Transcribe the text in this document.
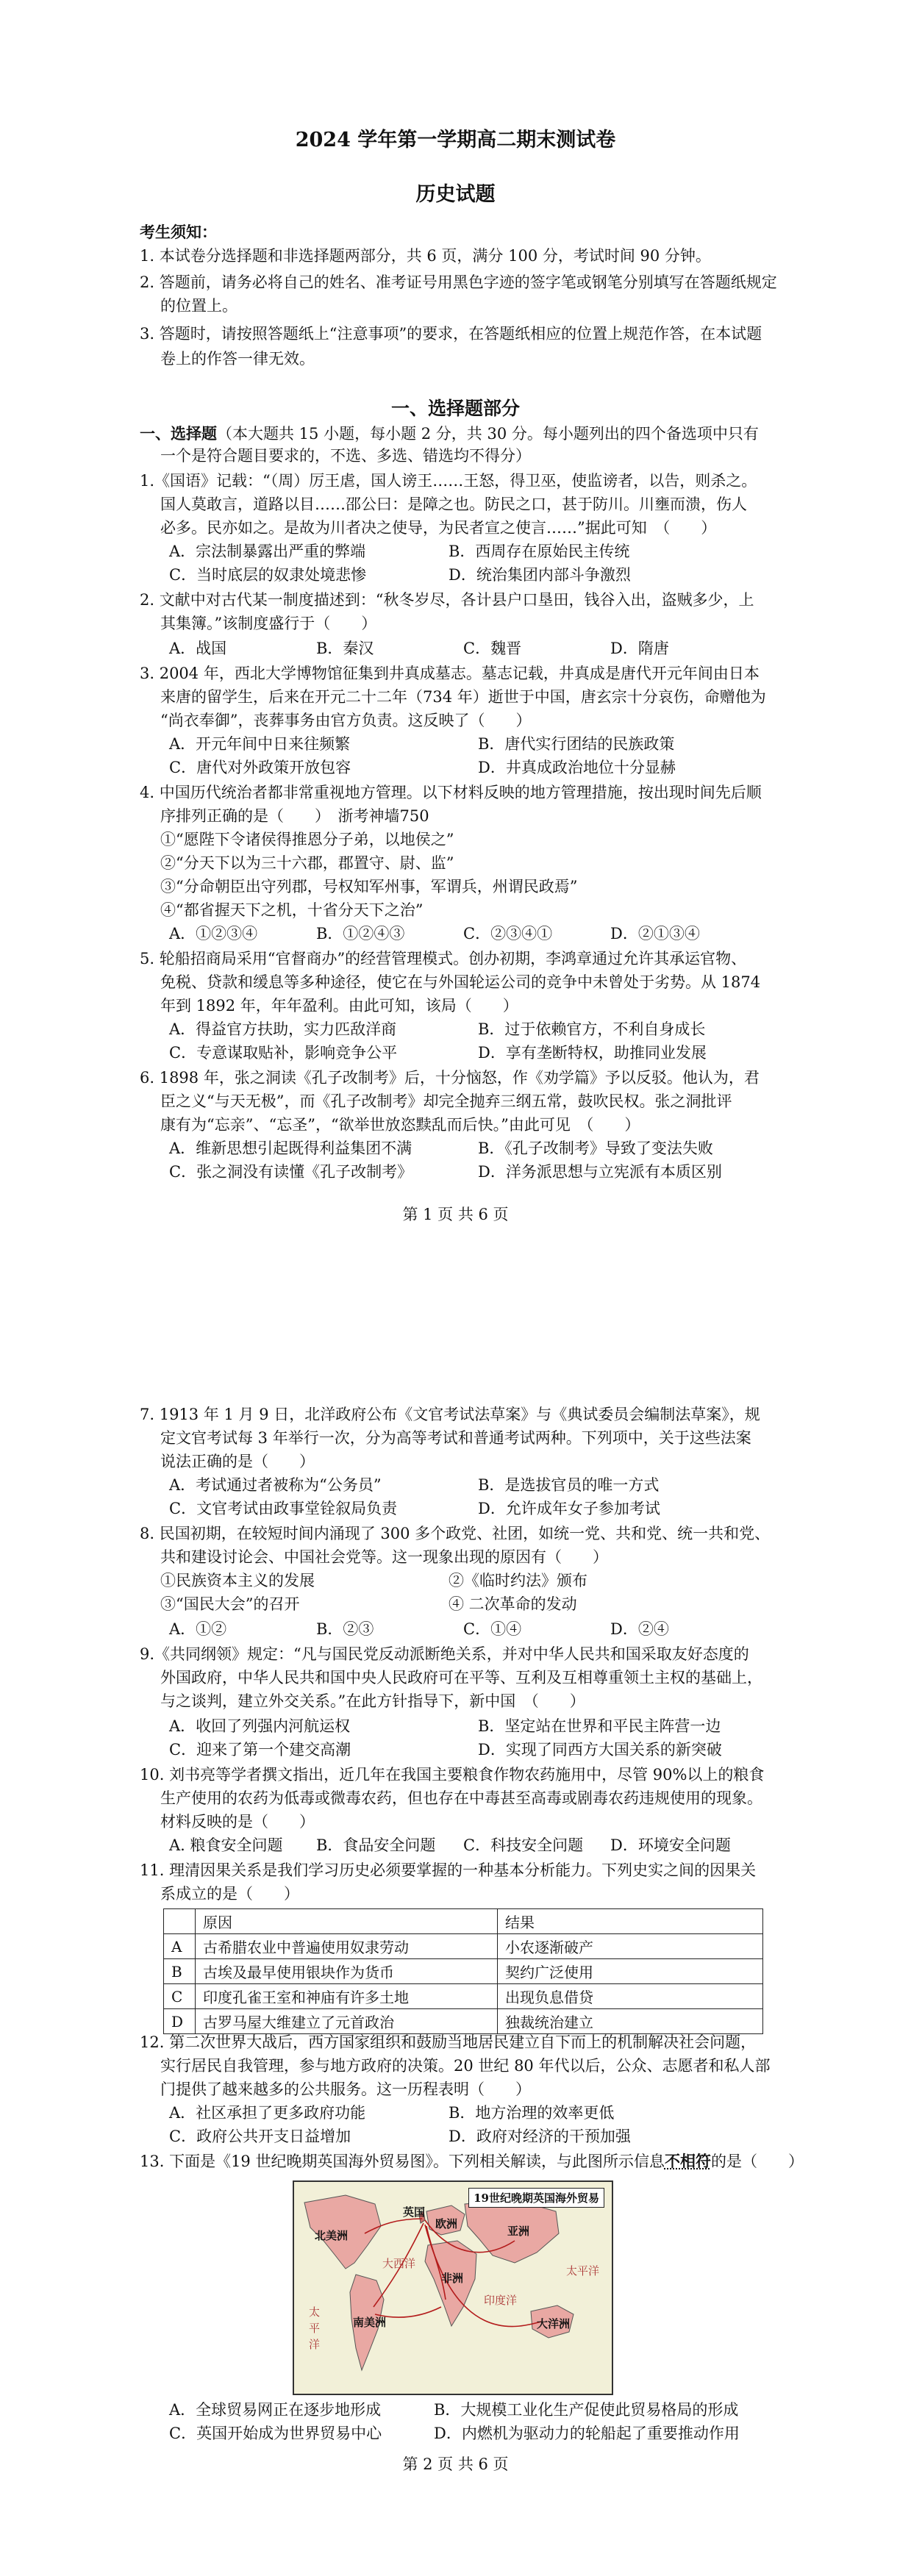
2024 学年第一学期高二期末测试卷
历史试题
考生须知：
1. 本试卷分选择题和非选择题两部分，共 6 页，满分 100 分，考试时间 90 分钟。
2. 答题前，请务必将自己的姓名、准考证号用黑色字迹的签字笔或钢笔分别填写在答题纸规定
的位置上。
3. 答题时，请按照答题纸上“注意事项”的要求，在答题纸相应的位置上规范作答，在本试题
卷上的作答一律无效。
一、选择题部分
一、选择题（本大题共 15 小题，每小题 2 分，共 30 分。每小题列出的四个备选项中只有
一个是符合题目要求的，不选、多选、错选均不得分）
1.《国语》记载：“（周）厉王虐，国人谤王……王怒，得卫巫，使监谤者，以告，则杀之。
国人莫敢言，道路以目……邵公曰：是障之也。防民之口，甚于防川。川壅而溃，伤人
必多。民亦如之。是故为川者决之使导，为民者宣之使言……”据此可知　（　　）
A．宗法制暴露出严重的弊端	B．西周存在原始民主传统
C．当时底层的奴隶处境悲惨	D．统治集团内部斗争激烈
2. 文献中对古代某一制度描述到：“秋冬岁尽，各计县户口垦田，钱谷入出，盗贼多少，上
其集簿。”该制度盛行于（　　）
A．战国	B．秦汉	C．魏晋	D．隋唐
3. 2004 年，西北大学博物馆征集到井真成墓志。墓志记载，井真成是唐代开元年间由日本
来唐的留学生，后来在开元二十二年（734 年）逝世于中国，唐玄宗十分哀伤，命赠他为
“尚衣奉御”，丧葬事务由官方负责。这反映了（　　）
A．开元年间中日来往频繁	B．唐代实行团结的民族政策
C．唐代对外政策开放包容	D．井真成政治地位十分显赫
4. 中国历代统治者都非常重视地方管理。以下材料反映的地方管理措施，按出现时间先后顺
序排列正确的是（　　）　浙考神墙750
①“愿陛下令诸侯得推恩分子弟，以地侯之”
②“分天下以为三十六郡，郡置守、尉、监”
③“分命朝臣出守列郡，号权知军州事，军谓兵，州谓民政焉”
④“都省握天下之机，十省分天下之治”
A．①②③④	B．①②④③	C．②③④①	D．②①③④
5. 轮船招商局采用“官督商办”的经营管理模式。创办初期，李鸿章通过允许其承运官物、
免税、贷款和缓息等多种途径，使它在与外国轮运公司的竞争中未曾处于劣势。从 1874
年到 1892 年，年年盈利。由此可知，该局（　　）
A．得益官方扶助，实力匹敌洋商	B．过于依赖官方，不利自身成长
C．专意谋取贴补，影响竞争公平	D．享有垄断特权，助推同业发展
6. 1898 年，张之洞读《孔子改制考》后，十分恼怒，作《劝学篇》予以反驳。他认为，君
臣之义“与天无极”，而《孔子改制考》却完全抛弃三纲五常，鼓吹民权。张之洞批评
康有为“忘亲”、“忘圣”，“欲举世放恣黩乱而后快。”由此可见　（　　）
A．维新思想引起既得利益集团不满	B．《孔子改制考》导致了变法失败
C．张之洞没有读懂《孔子改制考》	D．洋务派思想与立宪派有本质区别
第 1 页 共 6 页
7. 1913 年 1 月 9 日，北洋政府公布《文官考试法草案》与《典试委员会编制法草案》，规
定文官考试每 3 年举行一次，分为高等考试和普通考试两种。下列项中，关于这些法案
说法正确的是（　　）
A．考试通过者被称为“公务员”	B．是选拔官员的唯一方式
C．文官考试由政事堂铨叙局负责	D．允许成年女子参加考试
8. 民国初期，在较短时间内涌现了 300 多个政党、社团，如统一党、共和党、统一共和党、
共和建设讨论会、中国社会党等。这一现象出现的原因有（　　）
①民族资本主义的发展	②《临时约法》颁布
③“国民大会”的召开	④ 二次革命的发动
A．①②	B．②③	C．①④	D．②④
9.《共同纲领》规定：“凡与国民党反动派断绝关系，并对中华人民共和国采取友好态度的
外国政府，中华人民共和国中央人民政府可在平等、互利及互相尊重领土主权的基础上，
与之谈判，建立外交关系。”在此方针指导下，新中国　（　　）
A．收回了列强内河航运权	B．坚定站在世界和平民主阵营一边
C．迎来了第一个建交高潮	D．实现了同西方大国关系的新突破
10. 刘书亮等学者撰文指出，近几年在我国主要粮食作物农药施用中，尽管 90%以上的粮食
生产使用的农药为低毒或微毒农药，但也存在中毒甚至高毒或剧毒农药违规使用的现象。
材料反映的是（　　）
A. 粮食安全问题 B．食品安全问题 C．科技安全问题 D．环境安全问题
11. 理清因果关系是我们学习历史必须要掌握的一种基本分析能力。下列史实之间的因果关
系成立的是（　　）
	原因	结果
A	古希腊农业中普遍使用奴隶劳动	小农逐渐破产
B	古埃及最早使用银块作为货币	契约广泛使用
C	印度孔雀王室和神庙有许多土地	出现负息借贷
D	古罗马屋大维建立了元首政治	独裁统治建立
12. 第二次世界大战后，西方国家组织和鼓励当地居民建立自下而上的机制解决社会问题，
实行居民自我管理，参与地方政府的决策。20 世纪 80 年代以后，公众、志愿者和私人部
门提供了越来越多的公共服务。这一历程表明（　　）
A．社区承担了更多政府功能	B．地方治理的效率更低
C．政府公共开支日益增加	D．政府对经济的干预加强
13. 下面是《19 世纪晚期英国海外贸易图》。下列相关解读，与此图所示信息不相符的是（　　）
19世纪晚期英国海外贸易
北美洲
南美洲
欧洲
英国
非洲
亚洲
大洋洲
太
平
洋
太平洋
大西洋
印度洋
A．全球贸易网正在逐步地形成	B．大规模工业化生产促使此贸易格局的形成
C．英国开始成为世界贸易中心	D．内燃机为驱动力的轮船起了重要推动作用
第 2 页 共 6 页
